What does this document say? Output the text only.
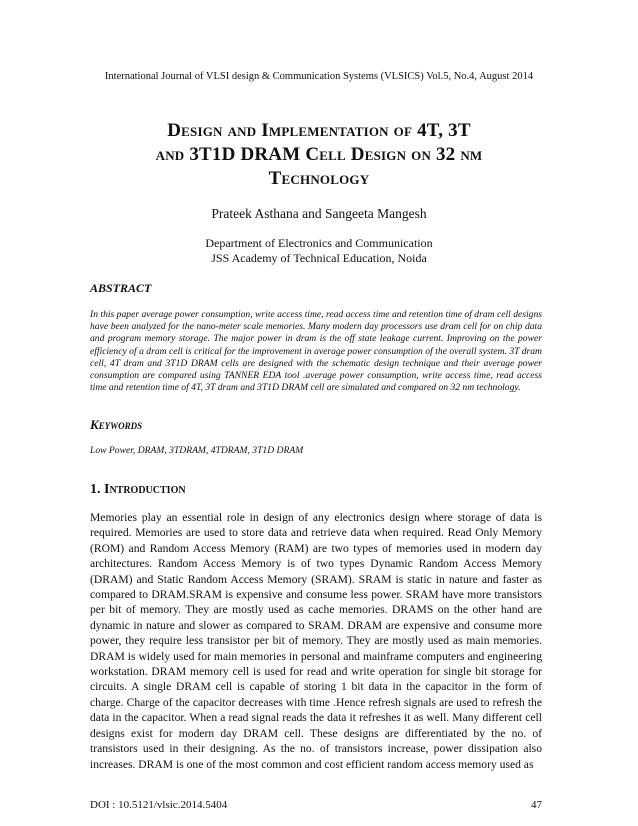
International Journal of VLSI design & Communication Systems (VLSICS) Vol.5, No.4, August 2014
Design and Implementation of 4T, 3T
and 3T1D DRAM Cell Design on 32 nm
Technology
Prateek Asthana and Sangeeta Mangesh
Department of Electronics and Communication
JSS Academy of Technical Education, Noida
ABSTRACT
In this paper average power consumption, write access time, read access time and retention time of dram cell designs have been analyzed for the nano-meter scale memories. Many modern day processors use dram cell for on chip data and program memory storage. The major power in dram is the off state leakage current. Improving on the power efficiency of a dram cell is critical for the improvement in average power consumption of the overall system. 3T dram cell, 4T dram and 3T1D DRAM cells are designed with the schematic design technique and their average power consumption are compared using TANNER EDA tool .average power consumption, write access time, read access time and retention time of 4T, 3T dram and 3T1D DRAM cell are simulated and compared on 32 nm technology.
Keywords
Low Power, DRAM, 3TDRAM, 4TDRAM, 3T1D DRAM
1. Introduction
Memories play an essential role in design of any electronics design where storage of data is required. Memories are used to store data and retrieve data when required. Read Only Memory (ROM) and Random Access Memory (RAM) are two types of memories used in modern day architectures. Random Access Memory is of two types Dynamic Random Access Memory (DRAM) and Static Random Access Memory (SRAM). SRAM is static in nature and faster as compared to DRAM.SRAM is expensive and consume less power. SRAM have more transistors per bit of memory. They are mostly used as cache memories. DRAMS on the other hand are dynamic in nature and slower as compared to SRAM. DRAM are expensive and consume more power, they require less transistor per bit of memory. They are mostly used as main memories. DRAM is widely used for main memories in personal and mainframe computers and engineering workstation. DRAM memory cell is used for read and write operation for single bit storage for circuits. A single DRAM cell is capable of storing 1 bit data in the capacitor in the form of charge. Charge of the capacitor decreases with time .Hence refresh signals are used to refresh the data in the capacitor. When a read signal reads the data it refreshes it as well. Many different cell designs exist for modern day DRAM cell. These designs are differentiated by the no. of transistors used in their designing. As the no. of transistors increase, power dissipation also increases. DRAM is one of the most common and cost efficient random access memory used as
DOI : 10.5121/vlsic.2014.5404	47
